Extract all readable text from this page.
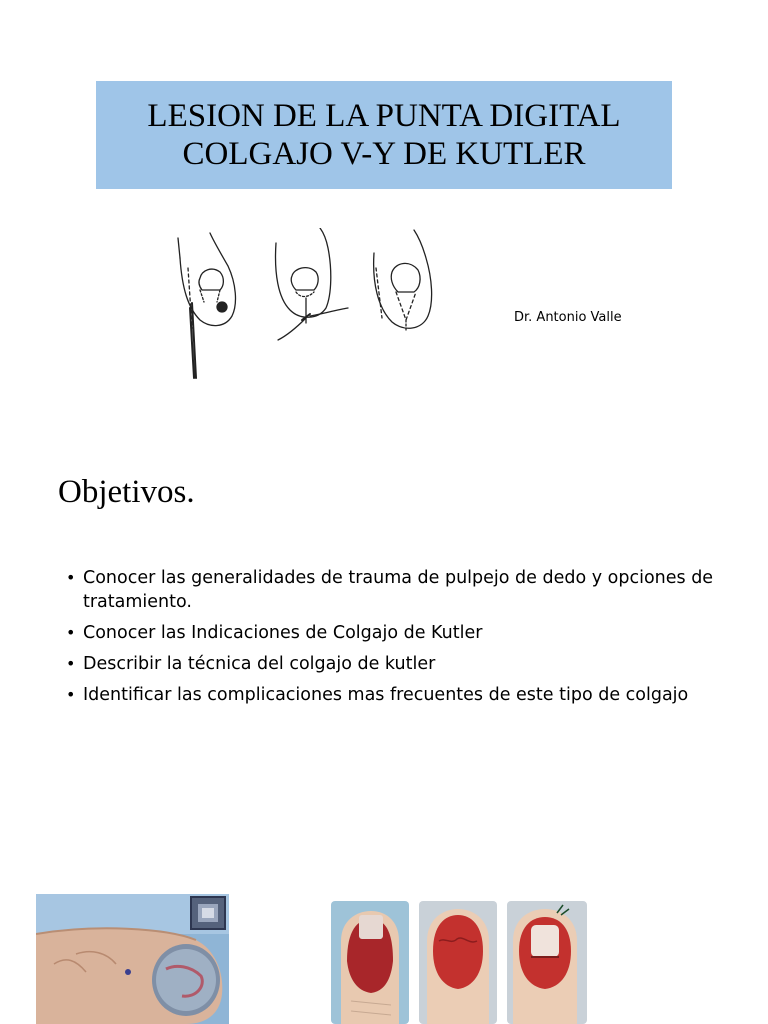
LESION DE LA PUNTA DIGITAL
COLGAJO V-Y DE KUTLER
Dr. Antonio Valle
Objetivos.
• Conocer las generalidades de trauma de pulpejo de dedo y opciones de tratamiento.
• Conocer las Indicaciones de Colgajo de Kutler
• Describir la técnica del colgajo de kutler
• Identificar las complicaciones mas frecuentes de este tipo de colgajo
